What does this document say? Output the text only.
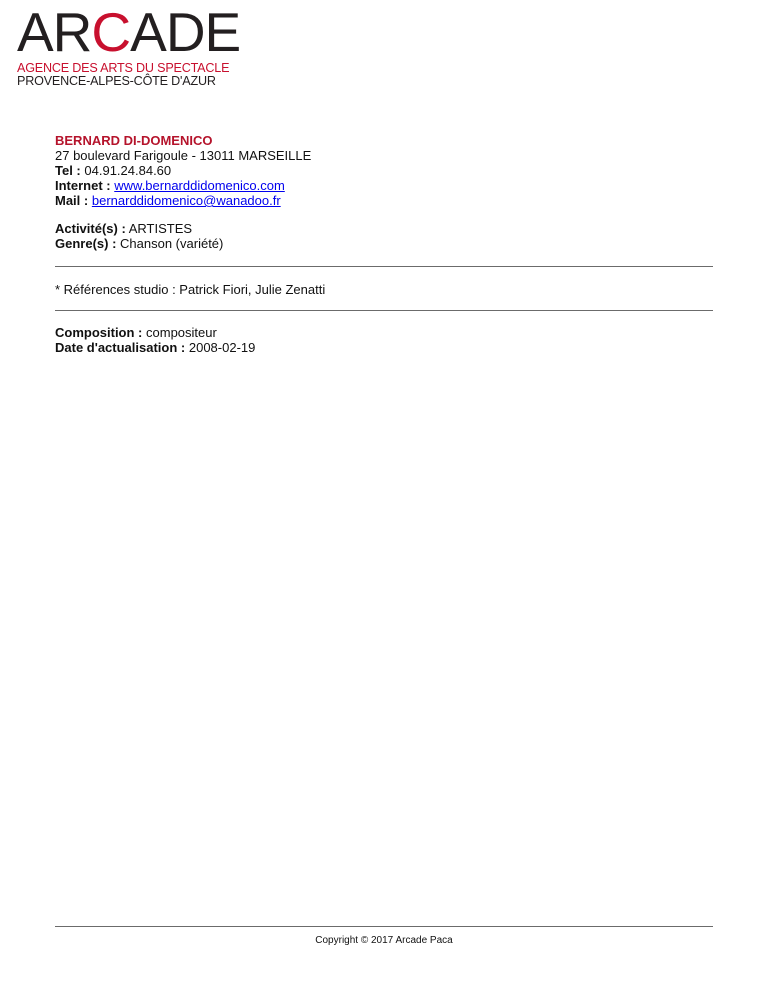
ARCADE
AGENCE DES ARTS DU SPECTACLE
PROVENCE-ALPES-CÔTE D'AZUR
BERNARD DI-DOMENICO
27 boulevard Farigoule - 13011 MARSEILLE
Tel : 04.91.24.84.60
Internet : www.bernarddidomenico.com
Mail : bernarddidomenico@wanadoo.fr
Activité(s) : ARTISTES
Genre(s) : Chanson (variété)
* Références studio : Patrick Fiori, Julie Zenatti
Composition : compositeur
Date d'actualisation : 2008-02-19
Copyright © 2017 Arcade Paca
